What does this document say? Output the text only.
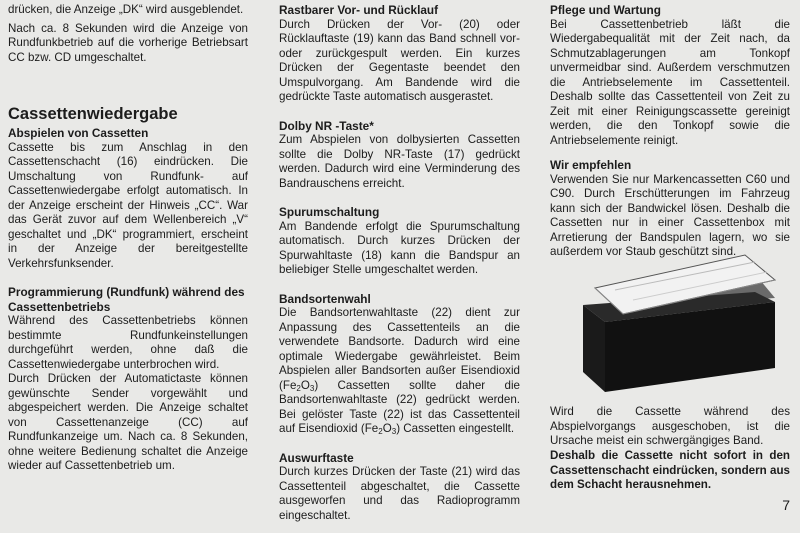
drücken, die Anzeige „DK“ wird ausgeblendet.

Nach ca. 8 Sekunden wird die Anzeige von Rundfunkbetrieb auf die vorherige Betriebsart CC bzw. CD umgeschaltet.

Cassettenwiedergabe
Abspielen von Cassetten

Cassette bis zum Anschlag in den Cassettenschacht (16) eindrücken. Die Umschaltung von Rundfunk- auf Cassettenwiedergabe erfolgt automatisch. In der Anzeige erscheint der Hinweis „CC“. War das Gerät zuvor auf dem Wellenbereich „V“ geschaltet und „DK“ programmiert, erscheint in der Anzeige der bereitgestellte Verkehrsfunksender.

Programmierung (Rundfunk) während des Cassettenbetriebs

Während des Cassettenbetriebs können bestimmte Rundfunkeinstellungen durchgeführt werden, ohne daß die Cassettenwiedergabe unterbrochen wird.

Durch Drücken der Automatictaste können gewünschte Sender vorgewählt und abgespeichert werden. Die Anzeige schaltet von Cassettenanzeige (CC) auf Rundfunkanzeige um. Nach ca. 8 Sekunden, ohne weitere Bedienung schaltet die Anzeige wieder auf Cassettenbetrieb um.

Rastbarer Vor- und Rücklauf

Durch Drücken der Vor- (20) oder Rücklauftaste (19) kann das Band schnell vor- oder zurückgespult werden. Ein kurzes Drücken der Gegentaste beendet den Umspulvorgang. Am Bandende wird die gedrückte Taste automatisch ausgerastet.

Dolby NR -Taste*

Zum Abspielen von dolbysierten Cassetten sollte die Dolby NR-Taste (17) gedrückt werden. Dadurch wird eine Verminderung des Bandrauschens erreicht.

Spurumschaltung

Am Bandende erfolgt die Spurumschaltung automatisch. Durch kurzes Drücken der Spurwahltaste (18) kann die Bandspur an beliebiger Stelle umgeschaltet werden.

Bandsortenwahl

Die Bandsortenwahltaste (22) dient zur Anpassung des Cassettenteils an die verwendete Bandsorte. Dadurch wird eine optimale Wiedergabe gewährleistet. Beim Abspielen aller Bandsorten außer Eisendioxid $(Fe_2O_3)$ Cassetten sollte daher die Bandsortenwahltaste (22) gedrückt werden. Bei gelöster Taste (22) ist das Cassettenteil auf Eisendioxid $(Fe_2O_3)$ Cassetten eingestellt.

Auswurftaste

Durch kurzes Drücken der Taste (21) wird das Cassettenteil abgeschaltet, die Cassette ausgeworfen und das Radioprogramm eingeschaltet.

Pflege und Wartung

Bei Cassettenbetrieb läßt die Wiedergabequalität mit der Zeit nach, da Schmutzablagerungen am Tonkopf unvermeidbar sind. Außerdem verschmutzen die Antriebselemente im Cassettenteil. Deshalb sollte das Cassettenteil von Zeit zu Zeit mit einer Reinigungscassette gereinigt werden, die den Tonkopf sowie die Antriebselemente reinigt.

Wir empfehlen

Verwenden Sie nur Markencassetten C60 und C90. Durch Erschütterungen im Fahrzeug kann sich der Bandwickel lösen. Deshalb die Cassetten nur in einer Cassettenbox mit Arretierung der Bandspulen lagern, wo sie außerdem vor Staub geschützt sind.

Wird die Cassette während des Abspielvorgangs ausgeschoben, ist die Ursache meist ein schwergängiges Band.

Deshalb die Cassette nicht sofort in den Cassettenschacht eindrücken, sondern aus dem Schacht herausnehmen.

7
